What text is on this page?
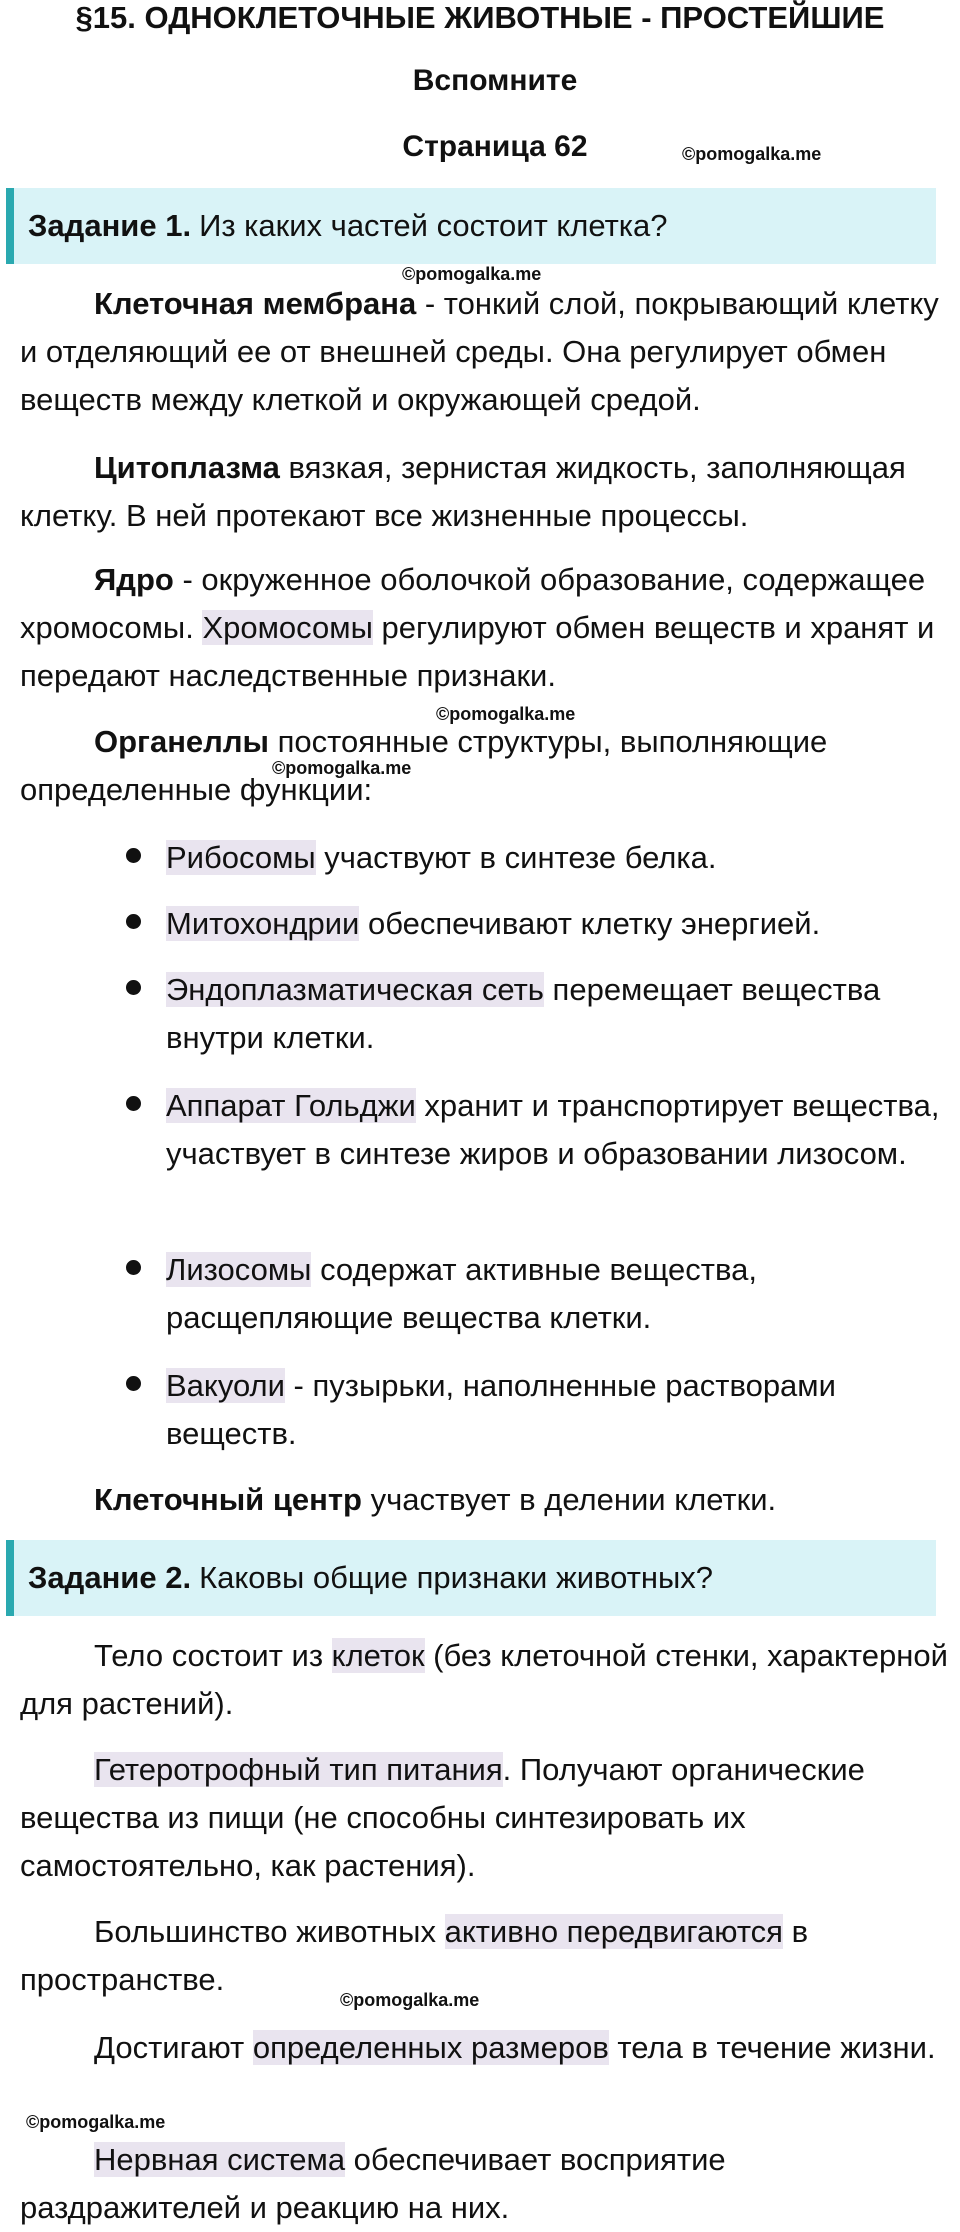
§15. ОДНОКЛЕТОЧНЫЕ ЖИВОТНЫЕ - ПРОСТЕЙШИЕ
Вспомните
Страница 62	©pomogalka.me
Задание 1. Из каких частей состоит клетка?
©pomogalka.me
Клеточная мембрана - тонкий слой, покрывающий клетку и отделяющий ее от внешней среды. Она регулирует обмен веществ между клеткой и окружающей средой.
Цитоплазма вязкая, зернистая жидкость, заполняющая клетку. В ней протекают все жизненные процессы.
Ядро - окруженное оболочкой образование, содержащее хромосомы. Хромосомы регулируют обмен веществ и хранят и передают наследственные признаки.
©pomogalka.me
Органеллы постоянные структуры, выполняющие определенные функции:
©pomogalka.me
Рибосомы участвуют в синтезе белка.
Митохондрии обеспечивают клетку энергией.
Эндоплазматическая сеть перемещает вещества внутри клетки.
Аппарат Гольджи хранит и транспортирует вещества, участвует в синтезе жиров и образовании лизосом.
Лизосомы содержат активные вещества, расщепляющие вещества клетки.
Вакуоли - пузырьки, наполненные растворами веществ.
Клеточный центр участвует в делении клетки.
Задание 2. Каковы общие признаки животных?
Тело состоит из клеток (без клеточной стенки, характерной для растений).
Гетеротрофный тип питания. Получают органические вещества из пищи (не способны синтезировать их самостоятельно, как растения).
Большинство животных активно передвигаются в пространстве.
©pomogalka.me
Достигают определенных размеров тела в течение жизни.
©pomogalka.me
Нервная система обеспечивает восприятие раздражителей и реакцию на них.
